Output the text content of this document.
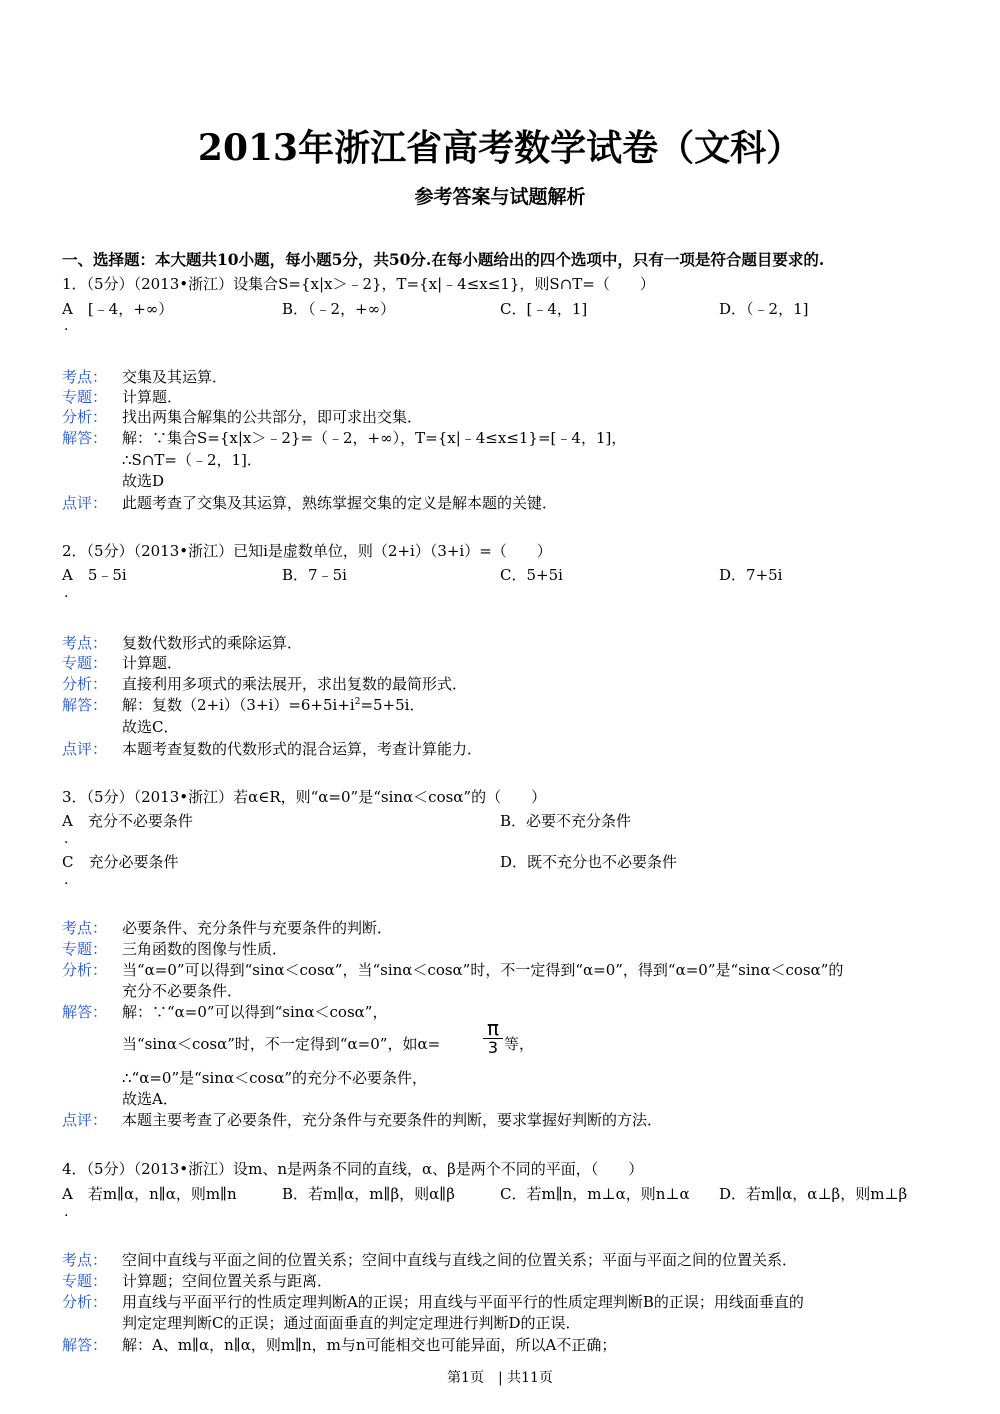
2013年浙江省高考数学试卷（文科）
参考答案与试题解析
一、选择题：本大题共10小题，每小题5分，共50分.在每小题给出的四个选项中，只有一项是符合题目要求的.
1．（5分）（2013•浙江）设集合S={x|x＞﹣2}，T={x|﹣4≤x≤1}，则S∩T=（　　）
A　[﹣4，+∞）	B．（﹣2，+∞）	C．[﹣4，1]	D．（﹣2，1]
.
考点： 交集及其运算．
专题： 计算题．
分析： 找出两集合解集的公共部分，即可求出交集．
解答： 解：∵集合S={x|x＞﹣2}=（﹣2，+∞），T={x|﹣4≤x≤1}=[﹣4，1]，
∴S∩T=（﹣2，1]．
故选D
点评： 此题考查了交集及其运算，熟练掌握交集的定义是解本题的关键．
2．（5分）（2013•浙江）已知i是虚数单位，则（2+i）（3+i）=（　　）
A　5﹣5i	B．7﹣5i	C．5+5i	D．7+5i
.
考点： 复数代数形式的乘除运算．
专题： 计算题．
分析： 直接利用多项式的乘法展开，求出复数的最简形式．
解答： 解：复数$(2+i)(3+i)=6+5i+i^2=5+5i$．
故选C．
点评： 本题考查复数的代数形式的混合运算，考查计算能力．
3．（5分）（2013•浙江）若α∈R，则“α=0”是“sinα＜cosα”的（　　）
A　充分不必要条件	B．必要不充分条件
.
C　充分必要条件	D．既不充分也不必要条件
.
考点： 必要条件、充分条件与充要条件的判断．
专题： 三角函数的图像与性质．
分析： 当“α=0”可以得到“sinα＜cosα”，当“sinα＜cosα”时，不一定得到“α=0”，得到“α=0”是“sinα＜cosα”的
充分不必要条件．
解答： 解：∵“α=0”可以得到“sinα＜cosα”，
当“sinα＜cosα”时，不一定得到“α=0”，如α=
π
3 等，
∴“α=0”是“sinα＜cosα”的充分不必要条件，
故选A．
点评： 本题主要考查了必要条件，充分条件与充要条件的判断，要求掌握好判断的方法．
4．（5分）（2013•浙江）设m、n是两条不同的直线，α、β是两个不同的平面，（　　）
A　若m∥α，n∥α，则m∥n	B．若m∥α，m∥β，则α∥β	C．若m∥n，m⊥α，则n⊥α D．若m∥α，α⊥β，则m⊥β
.
考点： 空间中直线与平面之间的位置关系；空间中直线与直线之间的位置关系；平面与平面之间的位置关系．
专题： 计算题；空间位置关系与距离．
分析： 用直线与平面平行的性质定理判断A的正误；用直线与平面平行的性质定理判断B的正误；用线面垂直的
判定定理判断C的正误；通过面面垂直的判定定理进行判断D的正误．
解答： 解：A、m∥α，n∥α，则m∥n，m与n可能相交也可能异面，所以A不正确；
第1页　| 共11页
